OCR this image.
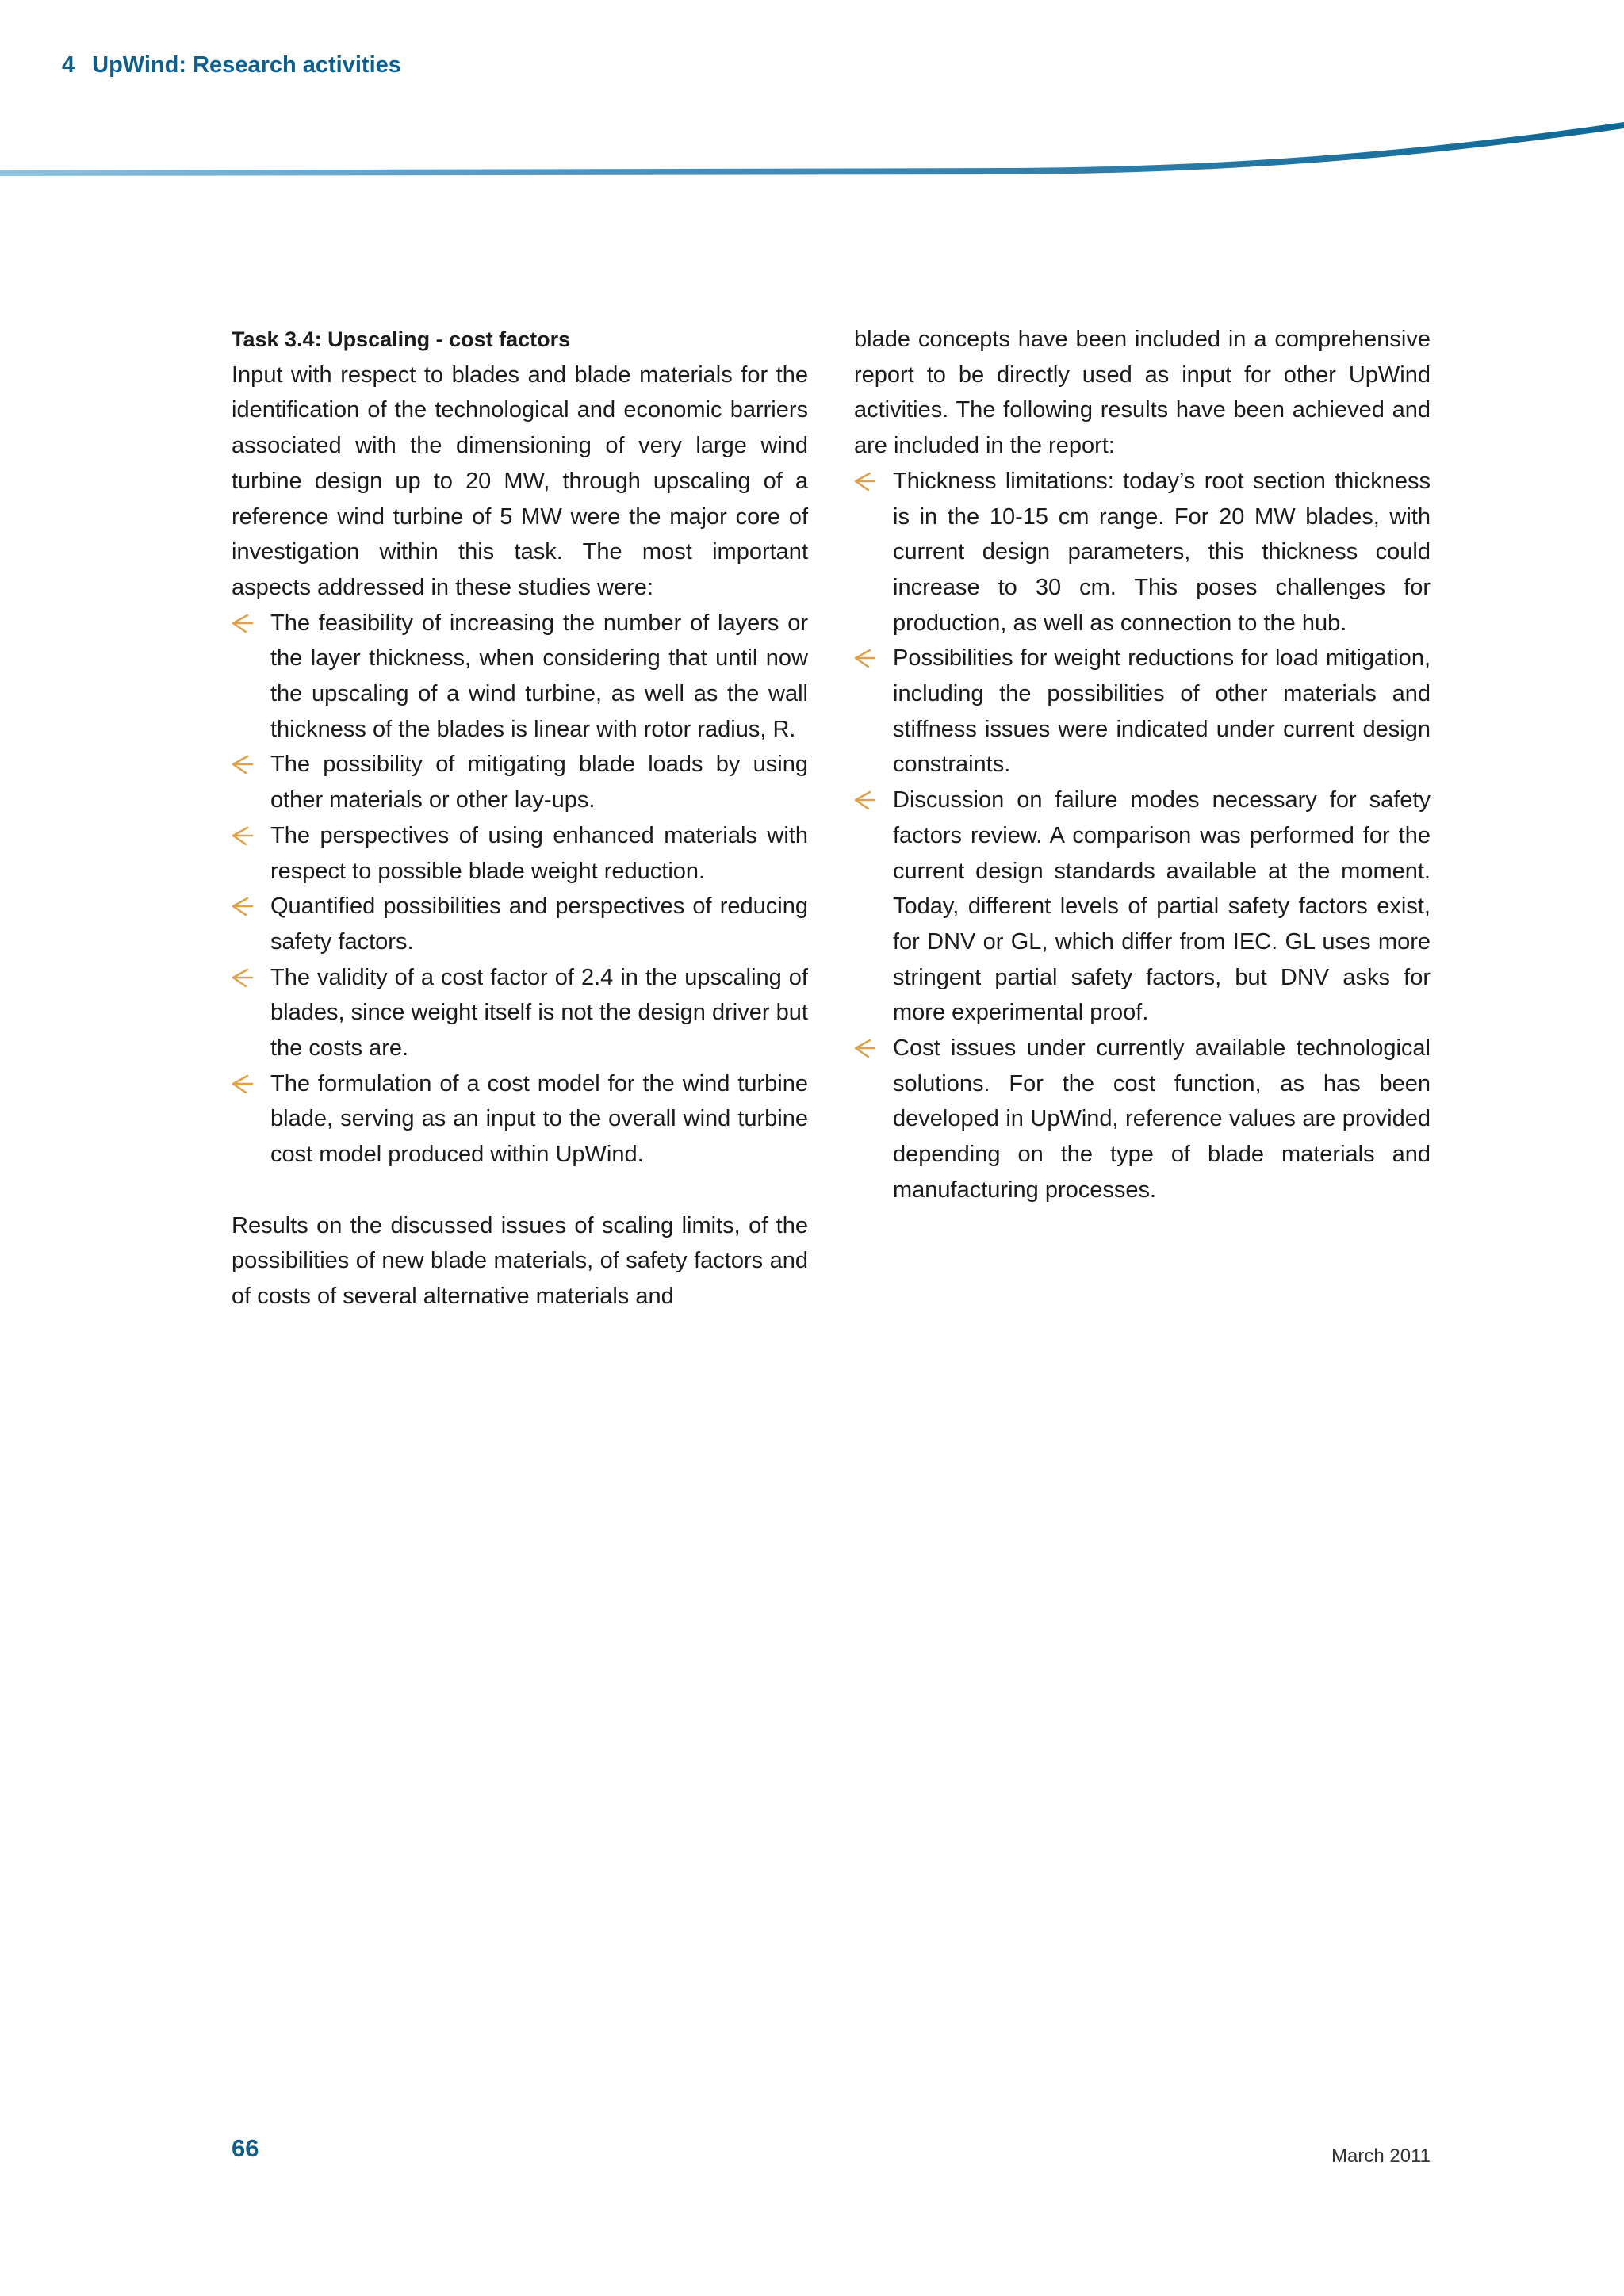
4 UpWind: Research activities
Task 3.4: Upscaling - cost factors

Input with respect to blades and blade materials for the identification of the technological and economic barriers associated with the dimensioning of very large wind turbine design up to 20 MW, through upscaling of a reference wind turbine of 5 MW were the major core of investigation within this task. The most important aspects addressed in these studies were:

The feasibility of increasing the number of layers or the layer thickness, when considering that until now the upscaling of a wind turbine, as well as the wall thickness of the blades is linear with rotor radius, R.
The possibility of mitigating blade loads by using other materials or other lay-ups.
The perspectives of using enhanced materials with respect to possible blade weight reduction.
Quantified possibilities and perspectives of reducing safety factors.
The validity of a cost factor of 2.4 in the upscaling of blades, since weight itself is not the design driver but the costs are.
The formulation of a cost model for the wind turbine blade, serving as an input to the overall wind turbine cost model produced within UpWind.

Results on the discussed issues of scaling limits, of the possibilities of new blade materials, of safety factors and of costs of several alternative materials and

blade concepts have been included in a comprehensive report to be directly used as input for other UpWind activities. The following results have been achieved and are included in the report:

Thickness limitations: today’s root section thickness is in the 10-15 cm range. For 20 MW blades, with current design parameters, this thickness could increase to 30 cm. This poses challenges for production, as well as connection to the hub.
Possibilities for weight reductions for load mitigation, including the possibilities of other materials and stiffness issues were indicated under current design constraints.
Discussion on failure modes necessary for safety factors review. A comparison was performed for the current design standards available at the moment. Today, different levels of partial safety factors exist, for DNV or GL, which differ from IEC. GL uses more stringent partial safety factors, but DNV asks for more experimental proof.
Cost issues under currently available technological solutions. For the cost function, as has been developed in UpWind, reference values are provided depending on the type of blade materials and manufacturing processes.
66	March 2011
